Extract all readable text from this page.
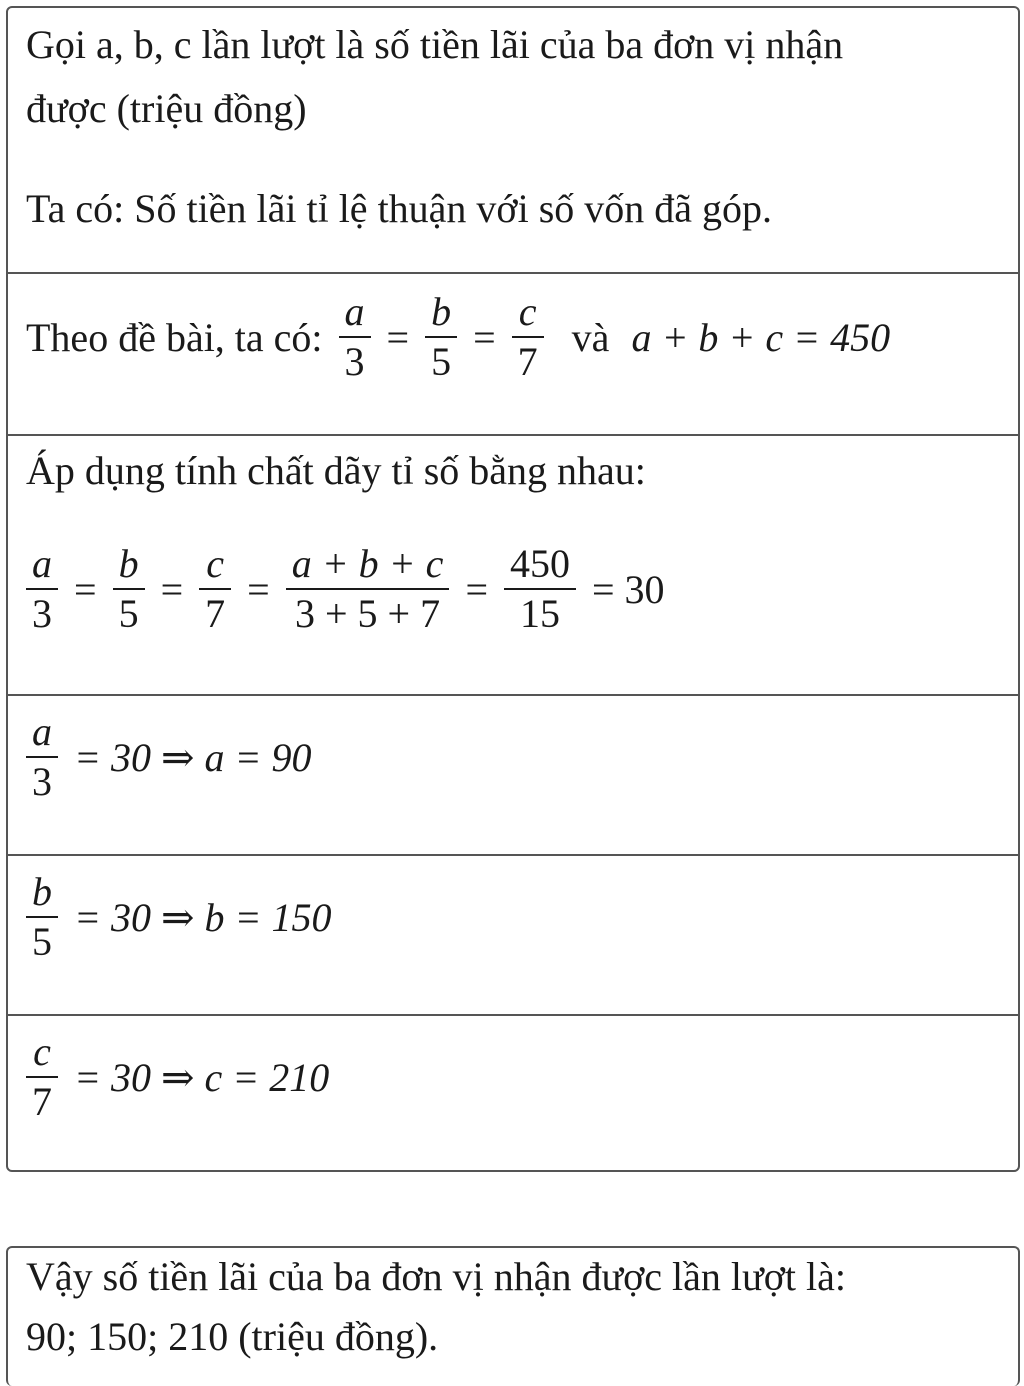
Gọi a, b, c lần lượt là số tiền lãi của ba đơn vị nhận
được (triệu đồng)
Ta có: Số tiền lãi tỉ lệ thuận với số vốn đã góp.
Theo đề bài, ta có: $\frac{a}{3} = \frac{b}{5} = \frac{c}{7}$ và a + b + c = 450
Áp dụng tính chất dãy tỉ số bằng nhau:
$\frac{a}{3} = \frac{b}{5} = \frac{c}{7} = \frac{a + b + c}{3 + 5 + 7} = \frac{450}{15} = 30$
$\frac{a}{3} = 30$ ⇒ a = 90
$\frac{b}{5} = 30$ ⇒ b = 150
$\frac{c}{7} = 30$ ⇒ c = 210
Vậy số tiền lãi của ba đơn vị nhận được lần lượt là:
90; 150; 210 (triệu đồng).
